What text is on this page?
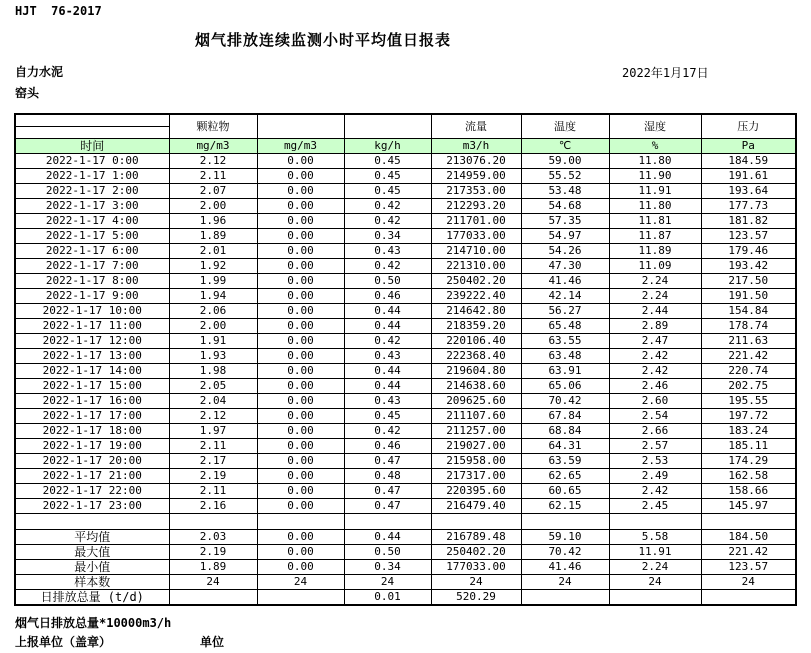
HJT  76-2017
烟气排放连续监测小时平均值日报表
自力水泥
窑头
2022年1月17日
	颗粒物			流量	温度	湿度	压力

时间	mg/m3	mg/m3	kg/h	m3/h	℃	%	Pa
2022-1-17 0:00	2.12	0.00	0.45	213076.20	59.00	11.80	184.59
2022-1-17 1:00	2.11	0.00	0.45	214959.00	55.52	11.90	191.61
2022-1-17 2:00	2.07	0.00	0.45	217353.00	53.48	11.91	193.64
2022-1-17 3:00	2.00	0.00	0.42	212293.20	54.68	11.80	177.73
2022-1-17 4:00	1.96	0.00	0.42	211701.00	57.35	11.81	181.82
2022-1-17 5:00	1.89	0.00	0.34	177033.00	54.97	11.87	123.57
2022-1-17 6:00	2.01	0.00	0.43	214710.00	54.26	11.89	179.46
2022-1-17 7:00	1.92	0.00	0.42	221310.00	47.30	11.09	193.42
2022-1-17 8:00	1.99	0.00	0.50	250402.20	41.46	2.24	217.50
2022-1-17 9:00	1.94	0.00	0.46	239222.40	42.14	2.24	191.50
2022-1-17 10:00	2.06	0.00	0.44	214642.80	56.27	2.44	154.84
2022-1-17 11:00	2.00	0.00	0.44	218359.20	65.48	2.89	178.74
2022-1-17 12:00	1.91	0.00	0.42	220106.40	63.55	2.47	211.63
2022-1-17 13:00	1.93	0.00	0.43	222368.40	63.48	2.42	221.42
2022-1-17 14:00	1.98	0.00	0.44	219604.80	63.91	2.42	220.74
2022-1-17 15:00	2.05	0.00	0.44	214638.60	65.06	2.46	202.75
2022-1-17 16:00	2.04	0.00	0.43	209625.60	70.42	2.60	195.55
2022-1-17 17:00	2.12	0.00	0.45	211107.60	67.84	2.54	197.72
2022-1-17 18:00	1.97	0.00	0.42	211257.00	68.84	2.66	183.24
2022-1-17 19:00	2.11	0.00	0.46	219027.00	64.31	2.57	185.11
2022-1-17 20:00	2.17	0.00	0.47	215958.00	63.59	2.53	174.29
2022-1-17 21:00	2.19	0.00	0.48	217317.00	62.65	2.49	162.58
2022-1-17 22:00	2.11	0.00	0.47	220395.60	60.65	2.42	158.66
2022-1-17 23:00	2.16	0.00	0.47	216479.40	62.15	2.45	145.97

平均值	2.03	0.00	0.44	216789.48	59.10	5.58	184.50
最大值	2.19	0.00	0.50	250402.20	70.42	11.91	221.42
最小值	1.89	0.00	0.34	177033.00	41.46	2.24	123.57
样本数	24	24	24	24	24	24	24
日排放总量 (t/d)			0.01	520.29			
烟气日排放总量*10000m3/h
上报单位（盖章）	单位
